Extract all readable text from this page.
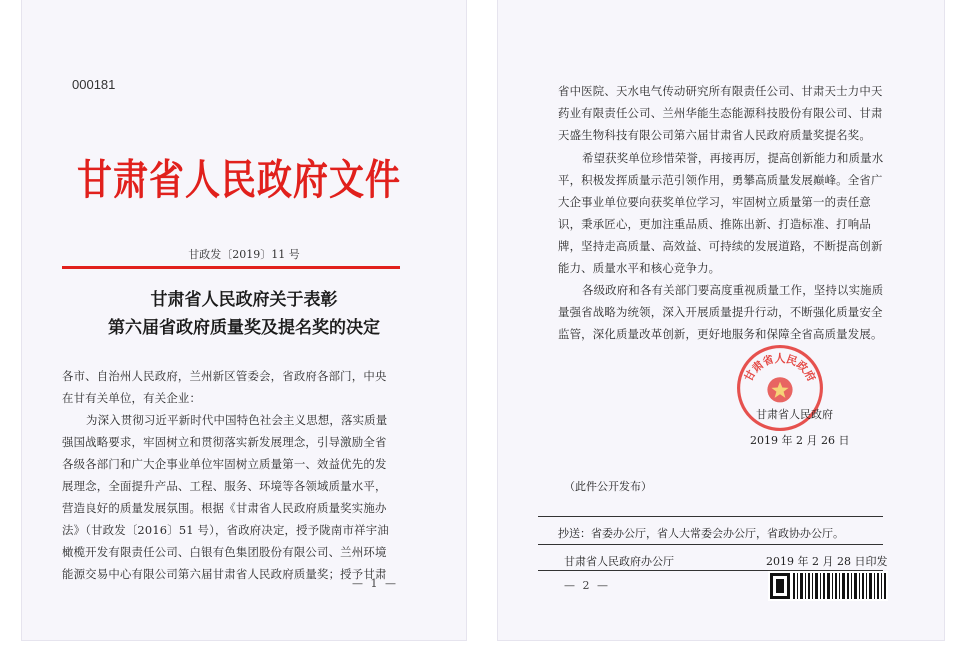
000181
甘肃省人民政府文件
甘政发〔2019〕11 号
甘肃省人民政府关于表彰
第六届省政府质量奖及提名奖的决定
各市、自治州人民政府，兰州新区管委会，省政府各部门，中央
在甘有关单位，有关企业：
为深入贯彻习近平新时代中国特色社会主义思想，落实质量
强国战略要求，牢固树立和贯彻落实新发展理念，引导激励全省
各级各部门和广大企事业单位牢固树立质量第一、效益优先的发
展理念，全面提升产品、工程、服务、环境等各领域质量水平，
营造良好的质量发展氛围。根据《甘肃省人民政府质量奖实施办
法》（甘政发〔2016〕51 号），省政府决定，授予陇南市祥宇油
橄榄开发有限责任公司、白银有色集团股份有限公司、兰州环境
能源交易中心有限公司第六届甘肃省人民政府质量奖；授予甘肃
— 1 —
省中医院、天水电气传动研究所有限责任公司、甘肃天士力中天
药业有限责任公司、兰州华能生态能源科技股份有限公司、甘肃
天盛生物科技有限公司第六届甘肃省人民政府质量奖提名奖。
希望获奖单位珍惜荣誉，再接再厉，提高创新能力和质量水
平，积极发挥质量示范引领作用，勇攀高质量发展巅峰。全省广
大企事业单位要向获奖单位学习，牢固树立质量第一的责任意
识，秉承匠心，更加注重品质、推陈出新、打造标准、打响品
牌，坚持走高质量、高效益、可持续的发展道路，不断提高创新
能力、质量水平和核心竞争力。
各级政府和各有关部门要高度重视质量工作，坚持以实施质
量强省战略为统领，深入开展质量提升行动，不断强化质量安全
监管，深化质量改革创新，更好地服务和保障全省高质量发展。
甘肃省人民政府
甘肃省人民政府
2019 年 2 月 26 日
（此件公开发布）
抄送：省委办公厅，省人大常委会办公厅，省政协办公厅。
甘肃省人民政府办公厅	2019 年 2 月 28 日印发
— 2 —
